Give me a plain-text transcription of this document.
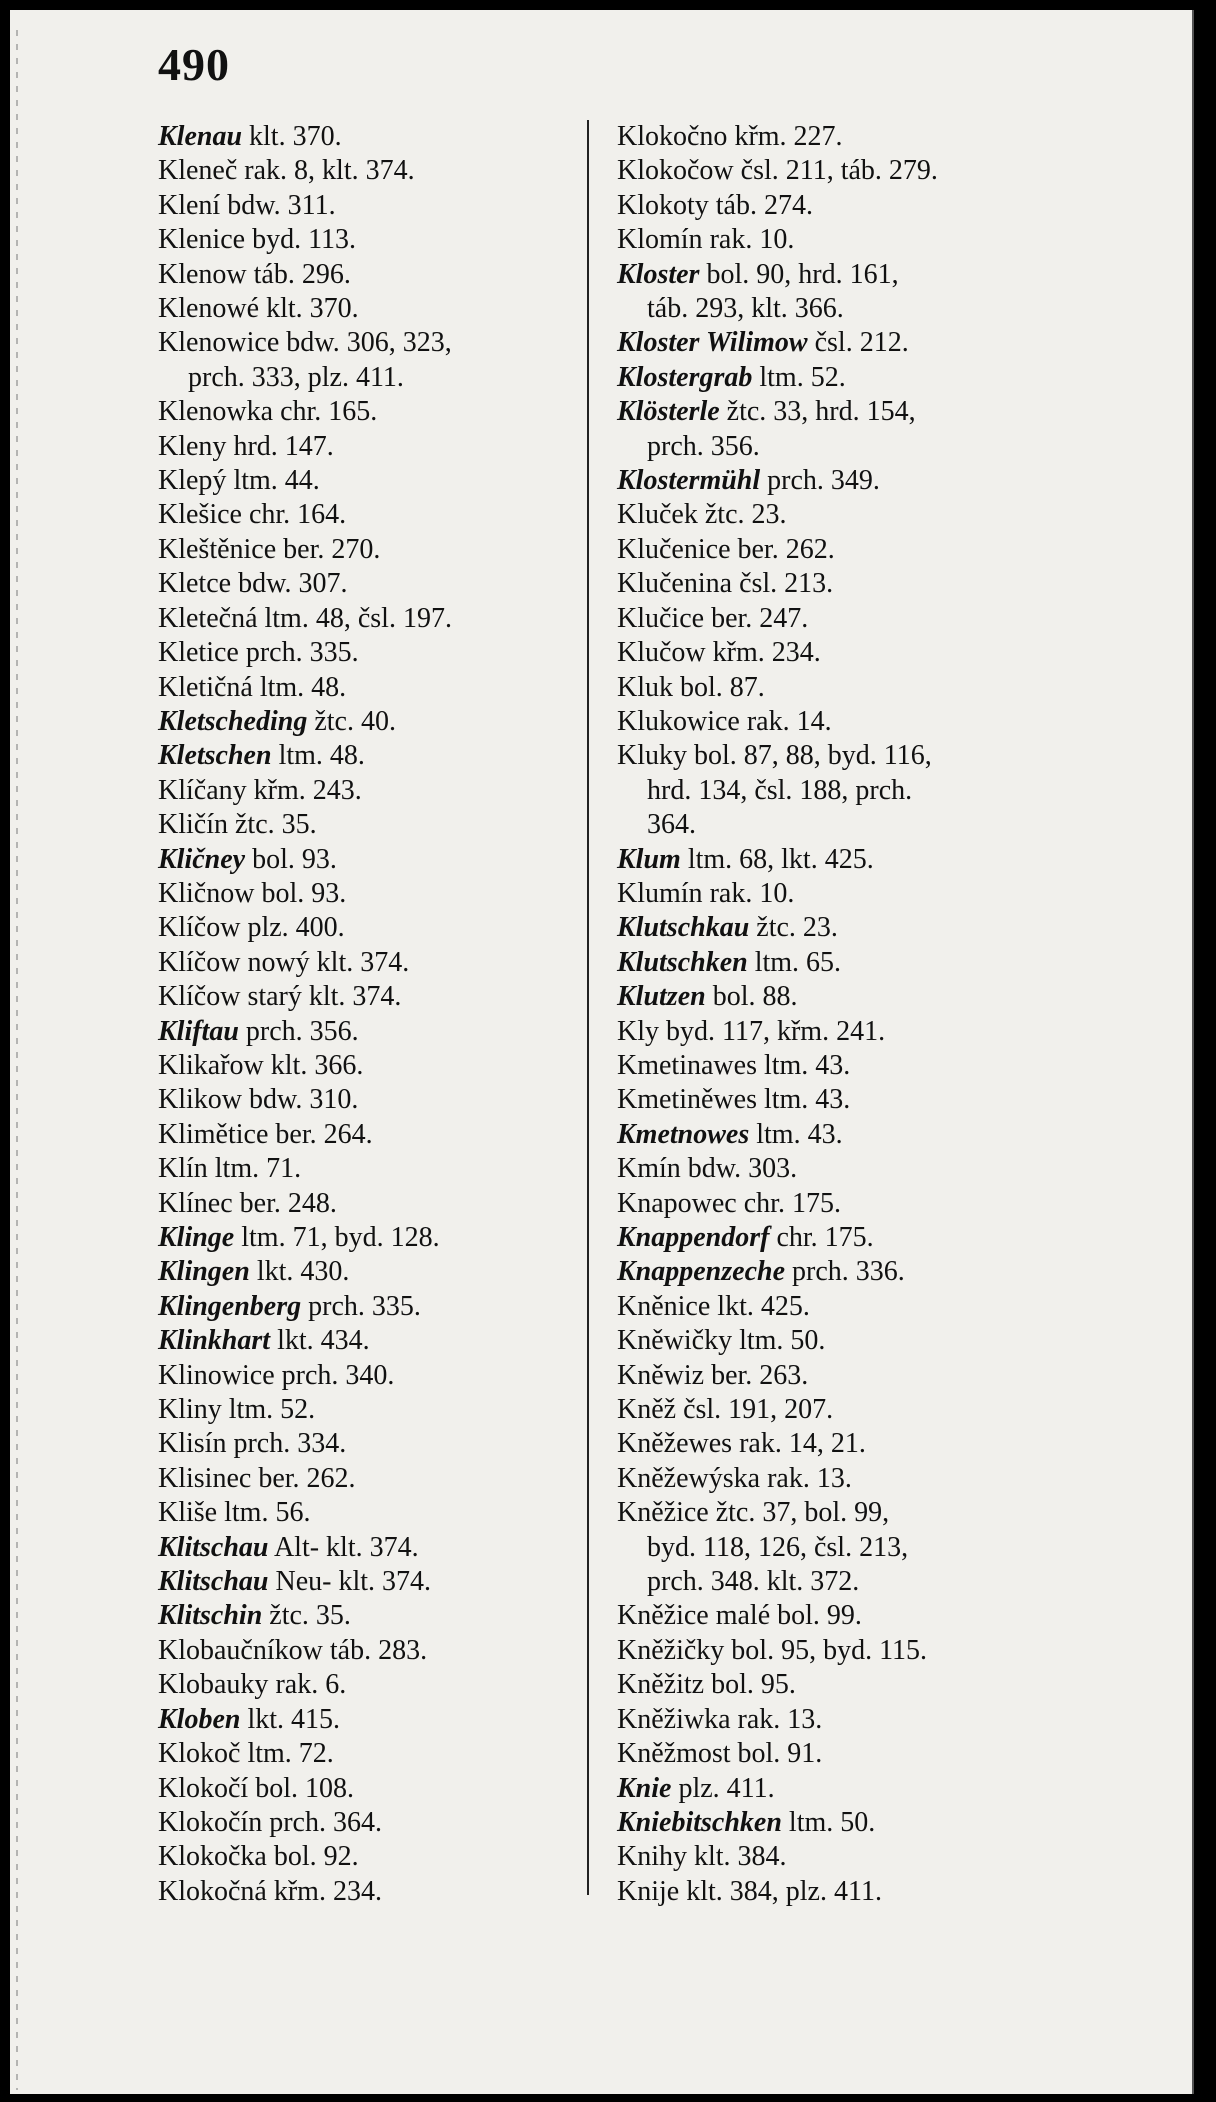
490
Klenau klt. 370.
Kleneč rak. 8, klt. 374.
Klení bdw. 311.
Klenice byd. 113.
Klenow táb. 296.
Klenowé klt. 370.
Klenowice bdw. 306, 323,
prch. 333, plz. 411.
Klenowka chr. 165.
Kleny hrd. 147.
Klepý ltm. 44.
Klešice chr. 164.
Kleštěnice ber. 270.
Kletce bdw. 307.
Kletečná ltm. 48, čsl. 197.
Kletice prch. 335.
Kletičná ltm. 48.
Kletscheding žtc. 40.
Kletschen ltm. 48.
Klíčany křm. 243.
Kličín žtc. 35.
Kličney bol. 93.
Kličnow bol. 93.
Klíčow plz. 400.
Klíčow nowý klt. 374.
Klíčow starý klt. 374.
Kliftau prch. 356.
Klikařow klt. 366.
Klikow bdw. 310.
Klimětice ber. 264.
Klín ltm. 71.
Klínec ber. 248.
Klinge ltm. 71, byd. 128.
Klingen lkt. 430.
Klingenberg prch. 335.
Klinkhart lkt. 434.
Klinowice prch. 340.
Kliny ltm. 52.
Klisín prch. 334.
Klisinec ber. 262.
Kliše ltm. 56.
Klitschau Alt- klt. 374.
Klitschau Neu- klt. 374.
Klitschin žtc. 35.
Klobaučníkow táb. 283.
Klobauky rak. 6.
Kloben lkt. 415.
Klokoč ltm. 72.
Klokočí bol. 108.
Klokočín prch. 364.
Klokočka bol. 92.
Klokočná křm. 234.
Klokočno křm. 227.
Klokočow čsl. 211, táb. 279.
Klokoty táb. 274.
Klomín rak. 10.
Kloster bol. 90, hrd. 161,
táb. 293, klt. 366.
Kloster Wilimow čsl. 212.
Klostergrab ltm. 52.
Klösterle žtc. 33, hrd. 154,
prch. 356.
Klostermühl prch. 349.
Kluček žtc. 23.
Klučenice ber. 262.
Klučenina čsl. 213.
Klučice ber. 247.
Klučow křm. 234.
Kluk bol. 87.
Klukowice rak. 14.
Kluky bol. 87, 88, byd. 116,
hrd. 134, čsl. 188, prch.
364.
Klum ltm. 68, lkt. 425.
Klumín rak. 10.
Klutschkau žtc. 23.
Klutschken ltm. 65.
Klutzen bol. 88.
Kly byd. 117, křm. 241.
Kmetinawes ltm. 43.
Kmetiněwes ltm. 43.
Kmetnowes ltm. 43.
Kmín bdw. 303.
Knapowec chr. 175.
Knappendorf chr. 175.
Knappenzeche prch. 336.
Kněnice lkt. 425.
Kněwičky ltm. 50.
Kněwiz ber. 263.
Kněž čsl. 191, 207.
Kněžewes rak. 14, 21.
Kněžewýska rak. 13.
Kněžice žtc. 37, bol. 99,
byd. 118, 126, čsl. 213,
prch. 348. klt. 372.
Kněžice malé bol. 99.
Kněžičky bol. 95, byd. 115.
Kněžitz bol. 95.
Kněžiwka rak. 13.
Kněžmost bol. 91.
Knie plz. 411.
Kniebitschken ltm. 50.
Knihy klt. 384.
Knije klt. 384, plz. 411.
